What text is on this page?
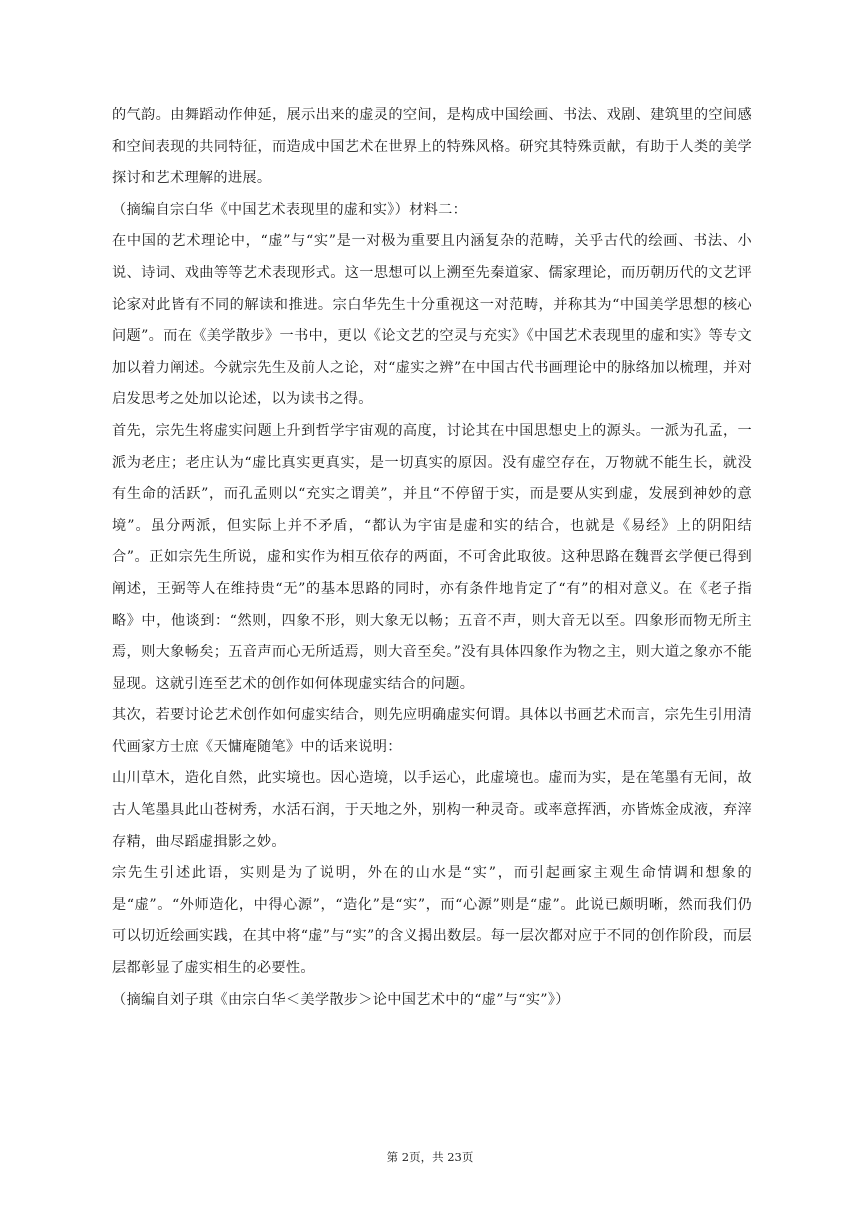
的气韵。由舞蹈动作伸延，展示出来的虚灵的空间，是构成中国绘画、书法、戏剧、建筑里的空间感和空间表现的共同特征，而造成中国艺术在世界上的特殊风格。研究其特殊贡献，有助于人类的美学探讨和艺术理解的进展。

（摘编自宗白华《中国艺术表现里的虚和实》）材料二：

在中国的艺术理论中，“虚”与“实”是一对极为重要且内涵复杂的范畴，关乎古代的绘画、书法、小说、诗词、戏曲等等艺术表现形式。这一思想可以上溯至先秦道家、儒家理论，而历朝历代的文艺评论家对此皆有不同的解读和推进。宗白华先生十分重视这一对范畴，并称其为“中国美学思想的核心问题”。而在《美学散步》一书中，更以《论文艺的空灵与充实》《中国艺术表现里的虚和实》等专文加以着力阐述。今就宗先生及前人之论，对“虚实之辨”在中国古代书画理论中的脉络加以梳理，并对启发思考之处加以论述，以为读书之得。

首先，宗先生将虚实问题上升到哲学宇宙观的高度，讨论其在中国思想史上的源头。一派为孔孟，一派为老庄；老庄认为“虚比真实更真实，是一切真实的原因。没有虚空存在，万物就不能生长，就没有生命的活跃”，而孔孟则以“充实之谓美”，并且“不停留于实，而是要从实到虚，发展到神妙的意境”。虽分两派，但实际上并不矛盾，“都认为宇宙是虚和实的结合，也就是《易经》上的阴阳结合”。正如宗先生所说，虚和实作为相互依存的两面，不可舍此取彼。这种思路在魏晋玄学便已得到阐述，王弼等人在维持贵“无”的基本思路的同时，亦有条件地肯定了“有”的相对意义。在《老子指略》中，他谈到：“然则，四象不形，则大象无以畅；五音不声，则大音无以至。四象形而物无所主焉，则大象畅矣；五音声而心无所适焉，则大音至矣。”没有具体四象作为物之主，则大道之象亦不能显现。这就引连至艺术的创作如何体现虚实结合的问题。

其次，若要讨论艺术创作如何虚实结合，则先应明确虚实何谓。具体以书画艺术而言，宗先生引用清代画家方士庶《天慵庵随笔》中的话来说明：

山川草木，造化自然，此实境也。因心造境，以手运心，此虚境也。虚而为实，是在笔墨有无间，故古人笔墨具此山苍树秀，水活石润，于天地之外，别构一种灵奇。或率意挥洒，亦皆炼金成液，弃滓存精，曲尽蹈虚揖影之妙。

宗先生引述此语，实则是为了说明，外在的山水是“实”，而引起画家主观生命情调和想象的是“虚”。“外师造化，中得心源”，“造化”是“实”，而“心源”则是“虚”。此说已颇明晰，然而我们仍可以切近绘画实践，在其中将“虚”与“实”的含义揭出数层。每一层次都对应于不同的创作阶段，而层层都彰显了虚实相生的必要性。

（摘编自刘子琪《由宗白华＜美学散步＞论中国艺术中的“虚”与“实”》）

第 2页，共 23页
